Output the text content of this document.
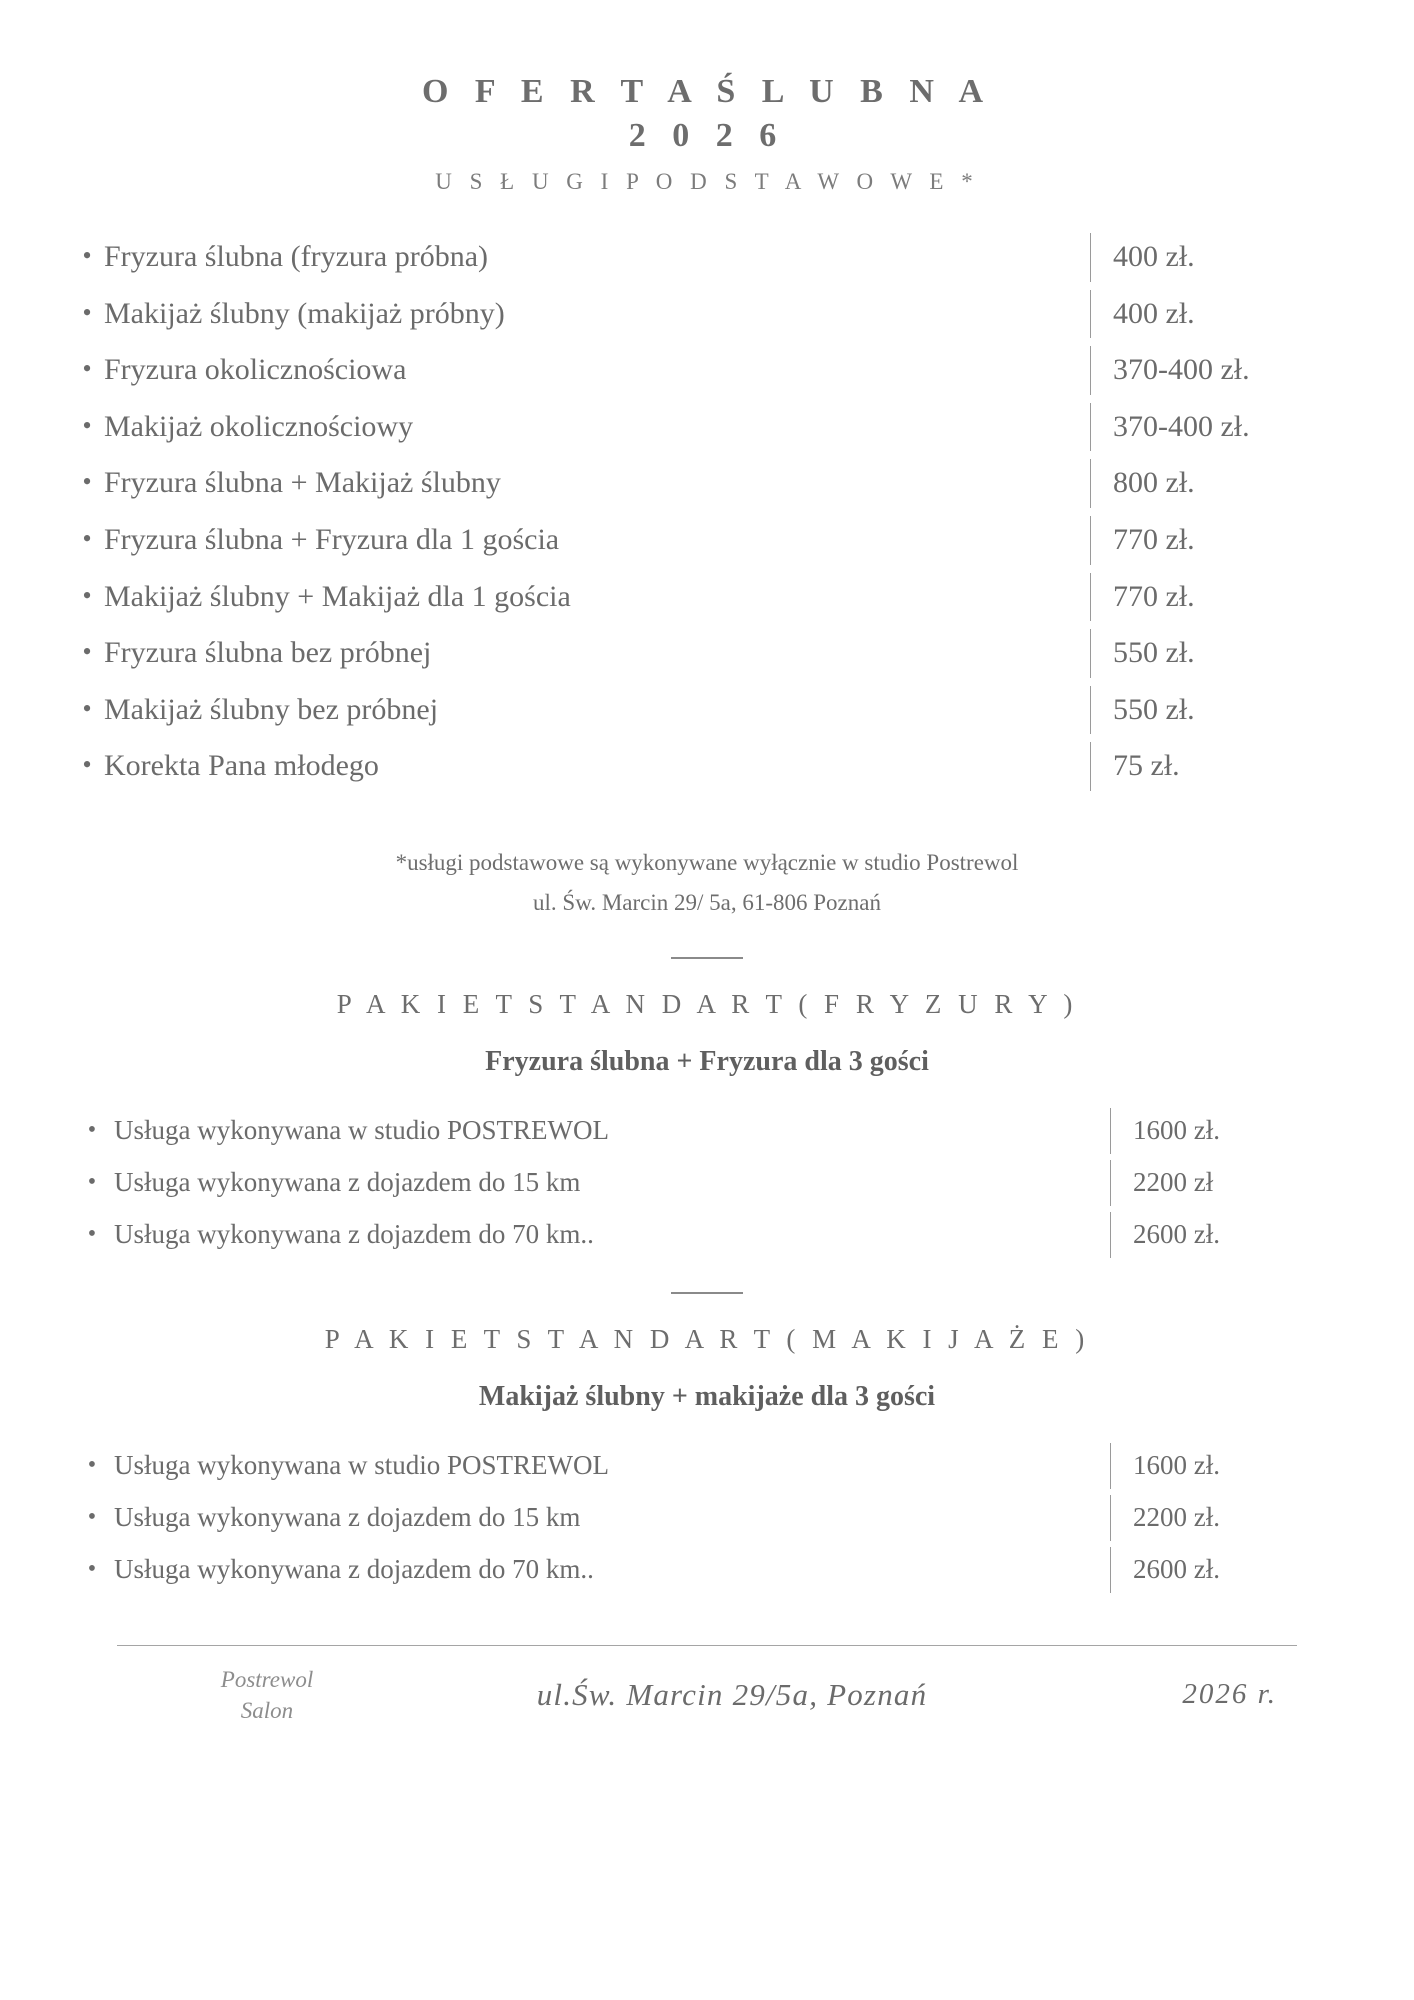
O F E R T A Ś L U B N A
2 0 2 6
U S Ł U G I P O D S T A W O W E *
• Fryzura ślubna (fryzura próbna)	400 zł.
• Makijaż ślubny (makijaż próbny)	400 zł.
• Fryzura okolicznościowa	370-400 zł.
• Makijaż okolicznościowy	370-400 zł.
• Fryzura ślubna + Makijaż ślubny	800 zł.
• Fryzura ślubna + Fryzura dla 1 gościa	770 zł.
• Makijaż ślubny + Makijaż dla 1 gościa	770 zł.
• Fryzura ślubna bez próbnej	550 zł.
• Makijaż ślubny bez próbnej	550 zł.
• Korekta Pana młodego	75 zł.
*usługi podstawowe są wykonywane wyłącznie w studio Postrewol
ul. Św. Marcin 29/ 5a, 61-806 Poznań
P A K I E T S T A N D A R T ( F R Y Z U R Y )
Fryzura ślubna + Fryzura dla 3 gości
• Usługa wykonywana w studio POSTREWOL	1600 zł.
• Usługa wykonywana z dojazdem do 15 km	2200 zł
• Usługa wykonywana z dojazdem do 70 km..	2600 zł.
P A K I E T S T A N D A R T ( M A K I J A Ż E )
Makijaż ślubny + makijaże dla 3 gości
• Usługa wykonywana w studio POSTREWOL	1600 zł.
• Usługa wykonywana z dojazdem do 15 km	2200 zł.
• Usługa wykonywana z dojazdem do 70 km..	2600 zł.
Postrewol
Salon	ul.Św. Marcin 29/5a, Poznań	2026 r.
